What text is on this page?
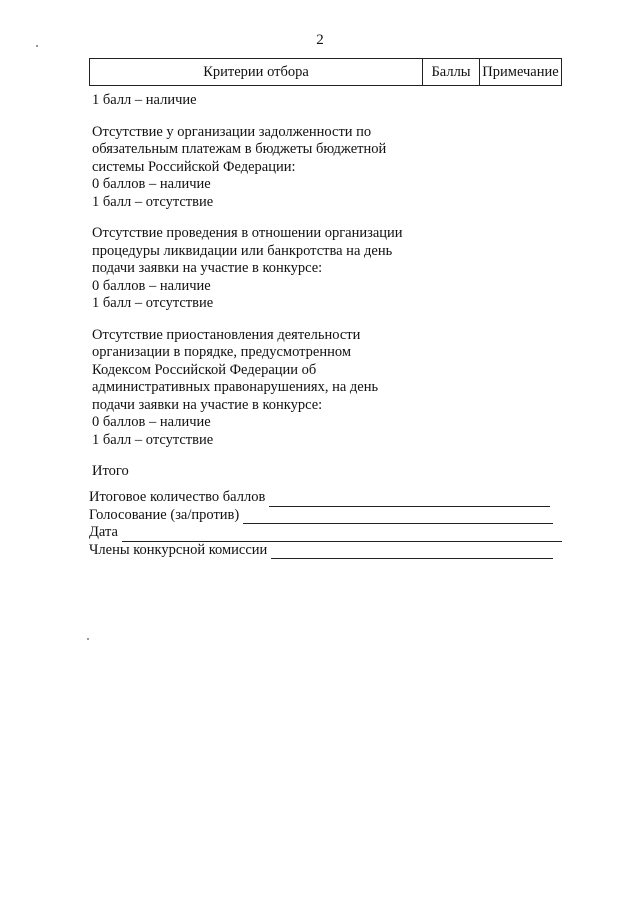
2
Критерии отбора	Баллы Примечание
1 балл – наличие
Отсутствие у организации задолженности по
обязательным платежам в бюджеты бюджетной
системы Российской Федерации:
0 баллов – наличие
1 балл – отсутствие
Отсутствие проведения в отношении организации
процедуры ликвидации или банкротства на день
подачи заявки на участие в конкурсе:
0 баллов – наличие
1 балл – отсутствие
Отсутствие приостановления деятельности
организации в порядке, предусмотренном
Кодексом Российской Федерации об
административных правонарушениях, на день
подачи заявки на участие в конкурсе:
0 баллов – наличие
1 балл – отсутствие
Итого
Итоговое количество баллов
Голосование (за/против)
Дата
Члены конкурсной комиссии
